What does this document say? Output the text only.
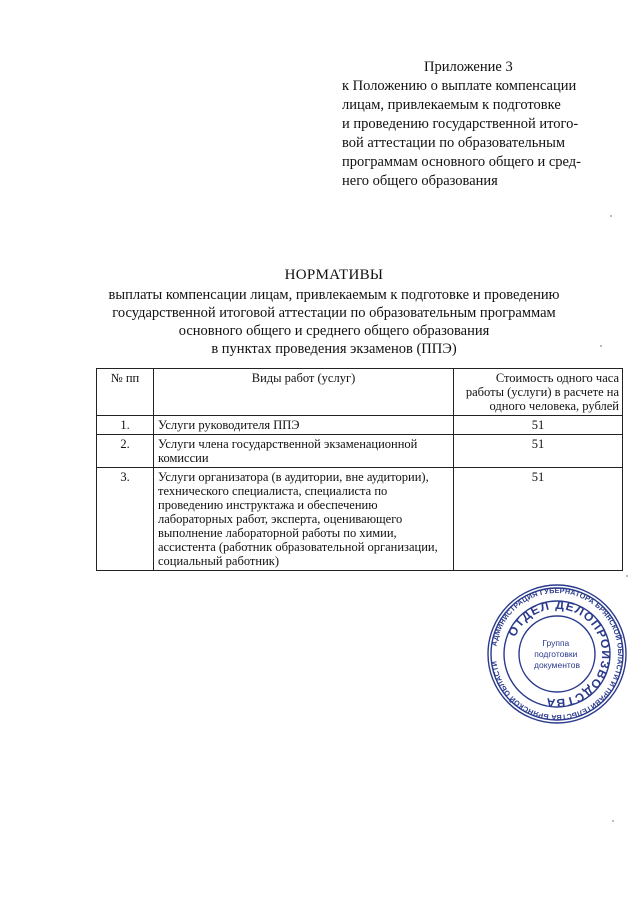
Приложение 3
к Положению о выплате компенсации
лицам, привлекаемым к подготовке
и проведению государственной итого-
вой аттестации по образовательным
программам основного общего и сред-
него общего образования
НОРМАТИВЫ
выплаты компенсации лицам, привлекаемым к подготовке и проведению
государственной итоговой аттестации по образовательным программам
основного общего и среднего общего образования
в пунктах проведения экзаменов (ППЭ)
№ пп	Виды работ (услуг)	Стоимость одного часа работы (услуги) в расчете на одного человека, рублей
1.	Услуги руководителя ППЭ	51
2.	Услуги члена государственной экзаменационной комиссии	51
3.	Услуги организатора (в аудитории, вне аудитории), технического специалиста, специалиста по проведению инструктажа и обеспечению лабораторных работ, эксперта, оценивающего выполнение лабораторной работы по химии, ассистента (работник образовательной организации, социальный работник)	51
АДМИНИСТРАЦИЯ ГУБЕРНАТОРА БРЯНСКОЙ ОБЛАСТИ И ПРАВИТЕЛЬСТВА БРЯНСКОЙ ОБЛАСТИ
ОТДЕЛ ДЕЛОПРОИЗВОДСТВА
Группа подготовки документов
